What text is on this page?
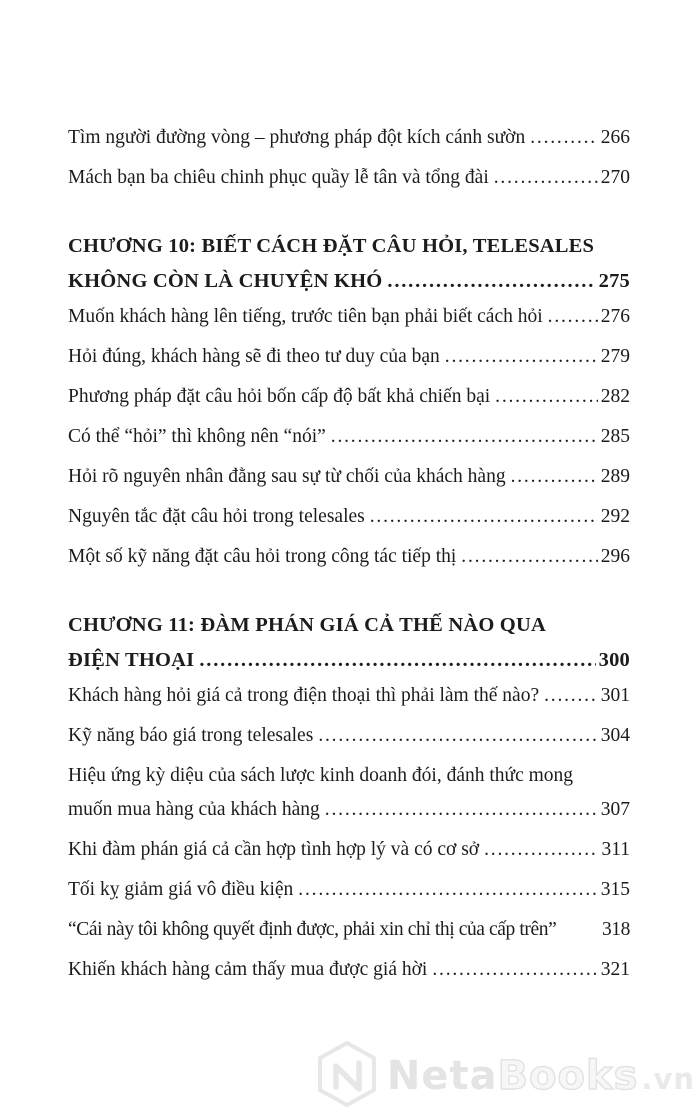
Tìm người đường vòng – phương pháp đột kích cánh sườn .....	266
Mách bạn ba chiêu chinh phục quầy lễ tân và tổng đài .....	270
CHƯƠNG 10: BIẾT CÁCH ĐẶT CÂU HỎI, TELESALES
KHÔNG CÒN LÀ CHUYỆN KHÓ .....	275
Muốn khách hàng lên tiếng, trước tiên bạn phải biết cách hỏi .....	276
Hỏi đúng, khách hàng sẽ đi theo tư duy của bạn .....	279
Phương pháp đặt câu hỏi bốn cấp độ bất khả chiến bại .....	282
Có thể “hỏi” thì không nên “nói” .....	285
Hỏi rõ nguyên nhân đằng sau sự từ chối của khách hàng .....	289
Nguyên tắc đặt câu hỏi trong telesales .....	292
Một số kỹ năng đặt câu hỏi trong công tác tiếp thị .....	296
CHƯƠNG 11: ĐÀM PHÁN GIÁ CẢ THẾ NÀO QUA
ĐIỆN THOẠI .....	300
Khách hàng hỏi giá cả trong điện thoại thì phải làm thế nào? .....	301
Kỹ năng báo giá trong telesales .....	304
Hiệu ứng kỳ diệu của sách lược kinh doanh đói, đánh thức mong
muốn mua hàng của khách hàng .....	307
Khi đàm phán giá cả cần hợp tình hợp lý và có cơ sở .....	311
Tối kỵ giảm giá vô điều kiện .....	315
“Cái này tôi không quyết định được, phải xin chỉ thị của cấp trên” 318
Khiến khách hàng cảm thấy mua được giá hời .....	321
Neta Books .vn
